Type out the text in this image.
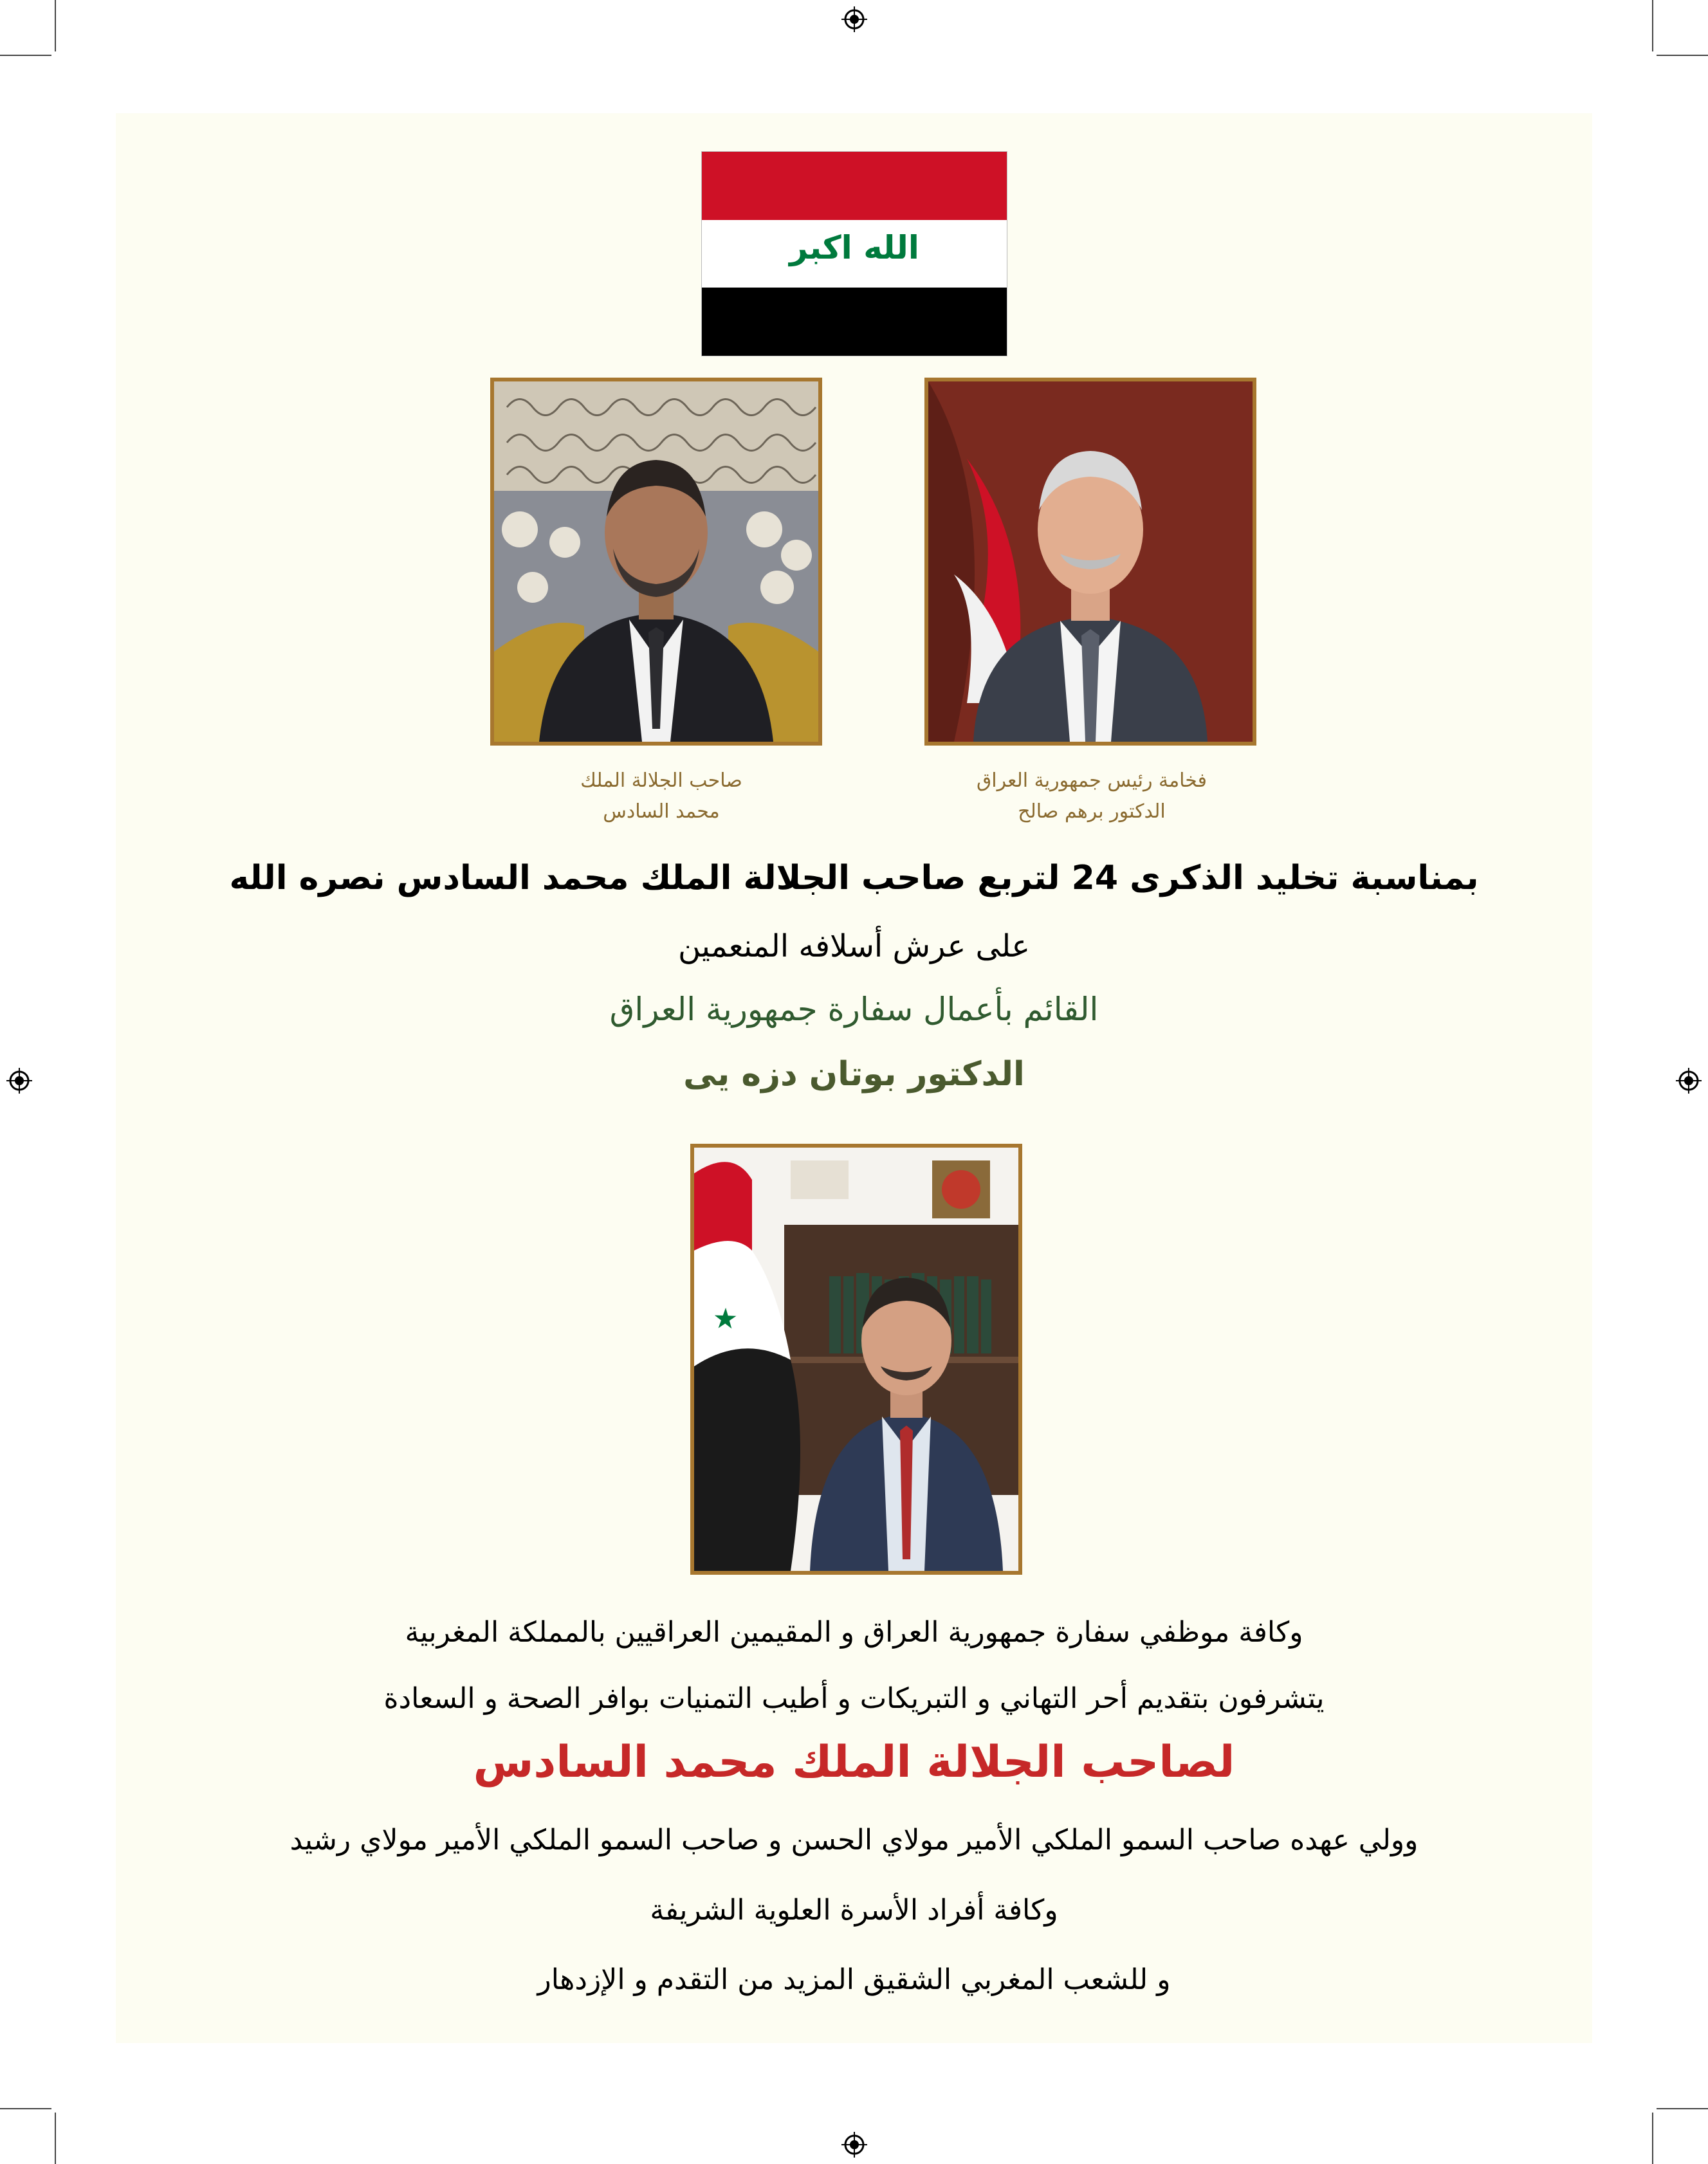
الله اكبر
صاحب الجلالة الملك
محمد السادس
فخامة رئيس جمهورية العراق
الدكتور برهم صالح
بمناسبة تخليد الذكرى 24 لتربع صاحب الجلالة الملك محمد السادس نصره الله
على عرش أسلافه المنعمين
القائم بأعمال سفارة جمهورية العراق
الدكتور بوتان دزه يى
★
وكافة موظفي سفارة جمهورية العراق و المقيمين العراقيين بالمملكة المغربية
يتشرفون بتقديم أحر التهاني و التبريكات و أطيب التمنيات بوافر الصحة و السعادة
لصاحب الجلالة الملك محمد السادس
وولي عهده صاحب السمو الملكي الأمير مولاي الحسن و صاحب السمو الملكي الأمير مولاي رشيد
وكافة أفراد الأسرة العلوية الشريفة
و للشعب المغربي الشقيق المزيد من التقدم و الإزدهار
